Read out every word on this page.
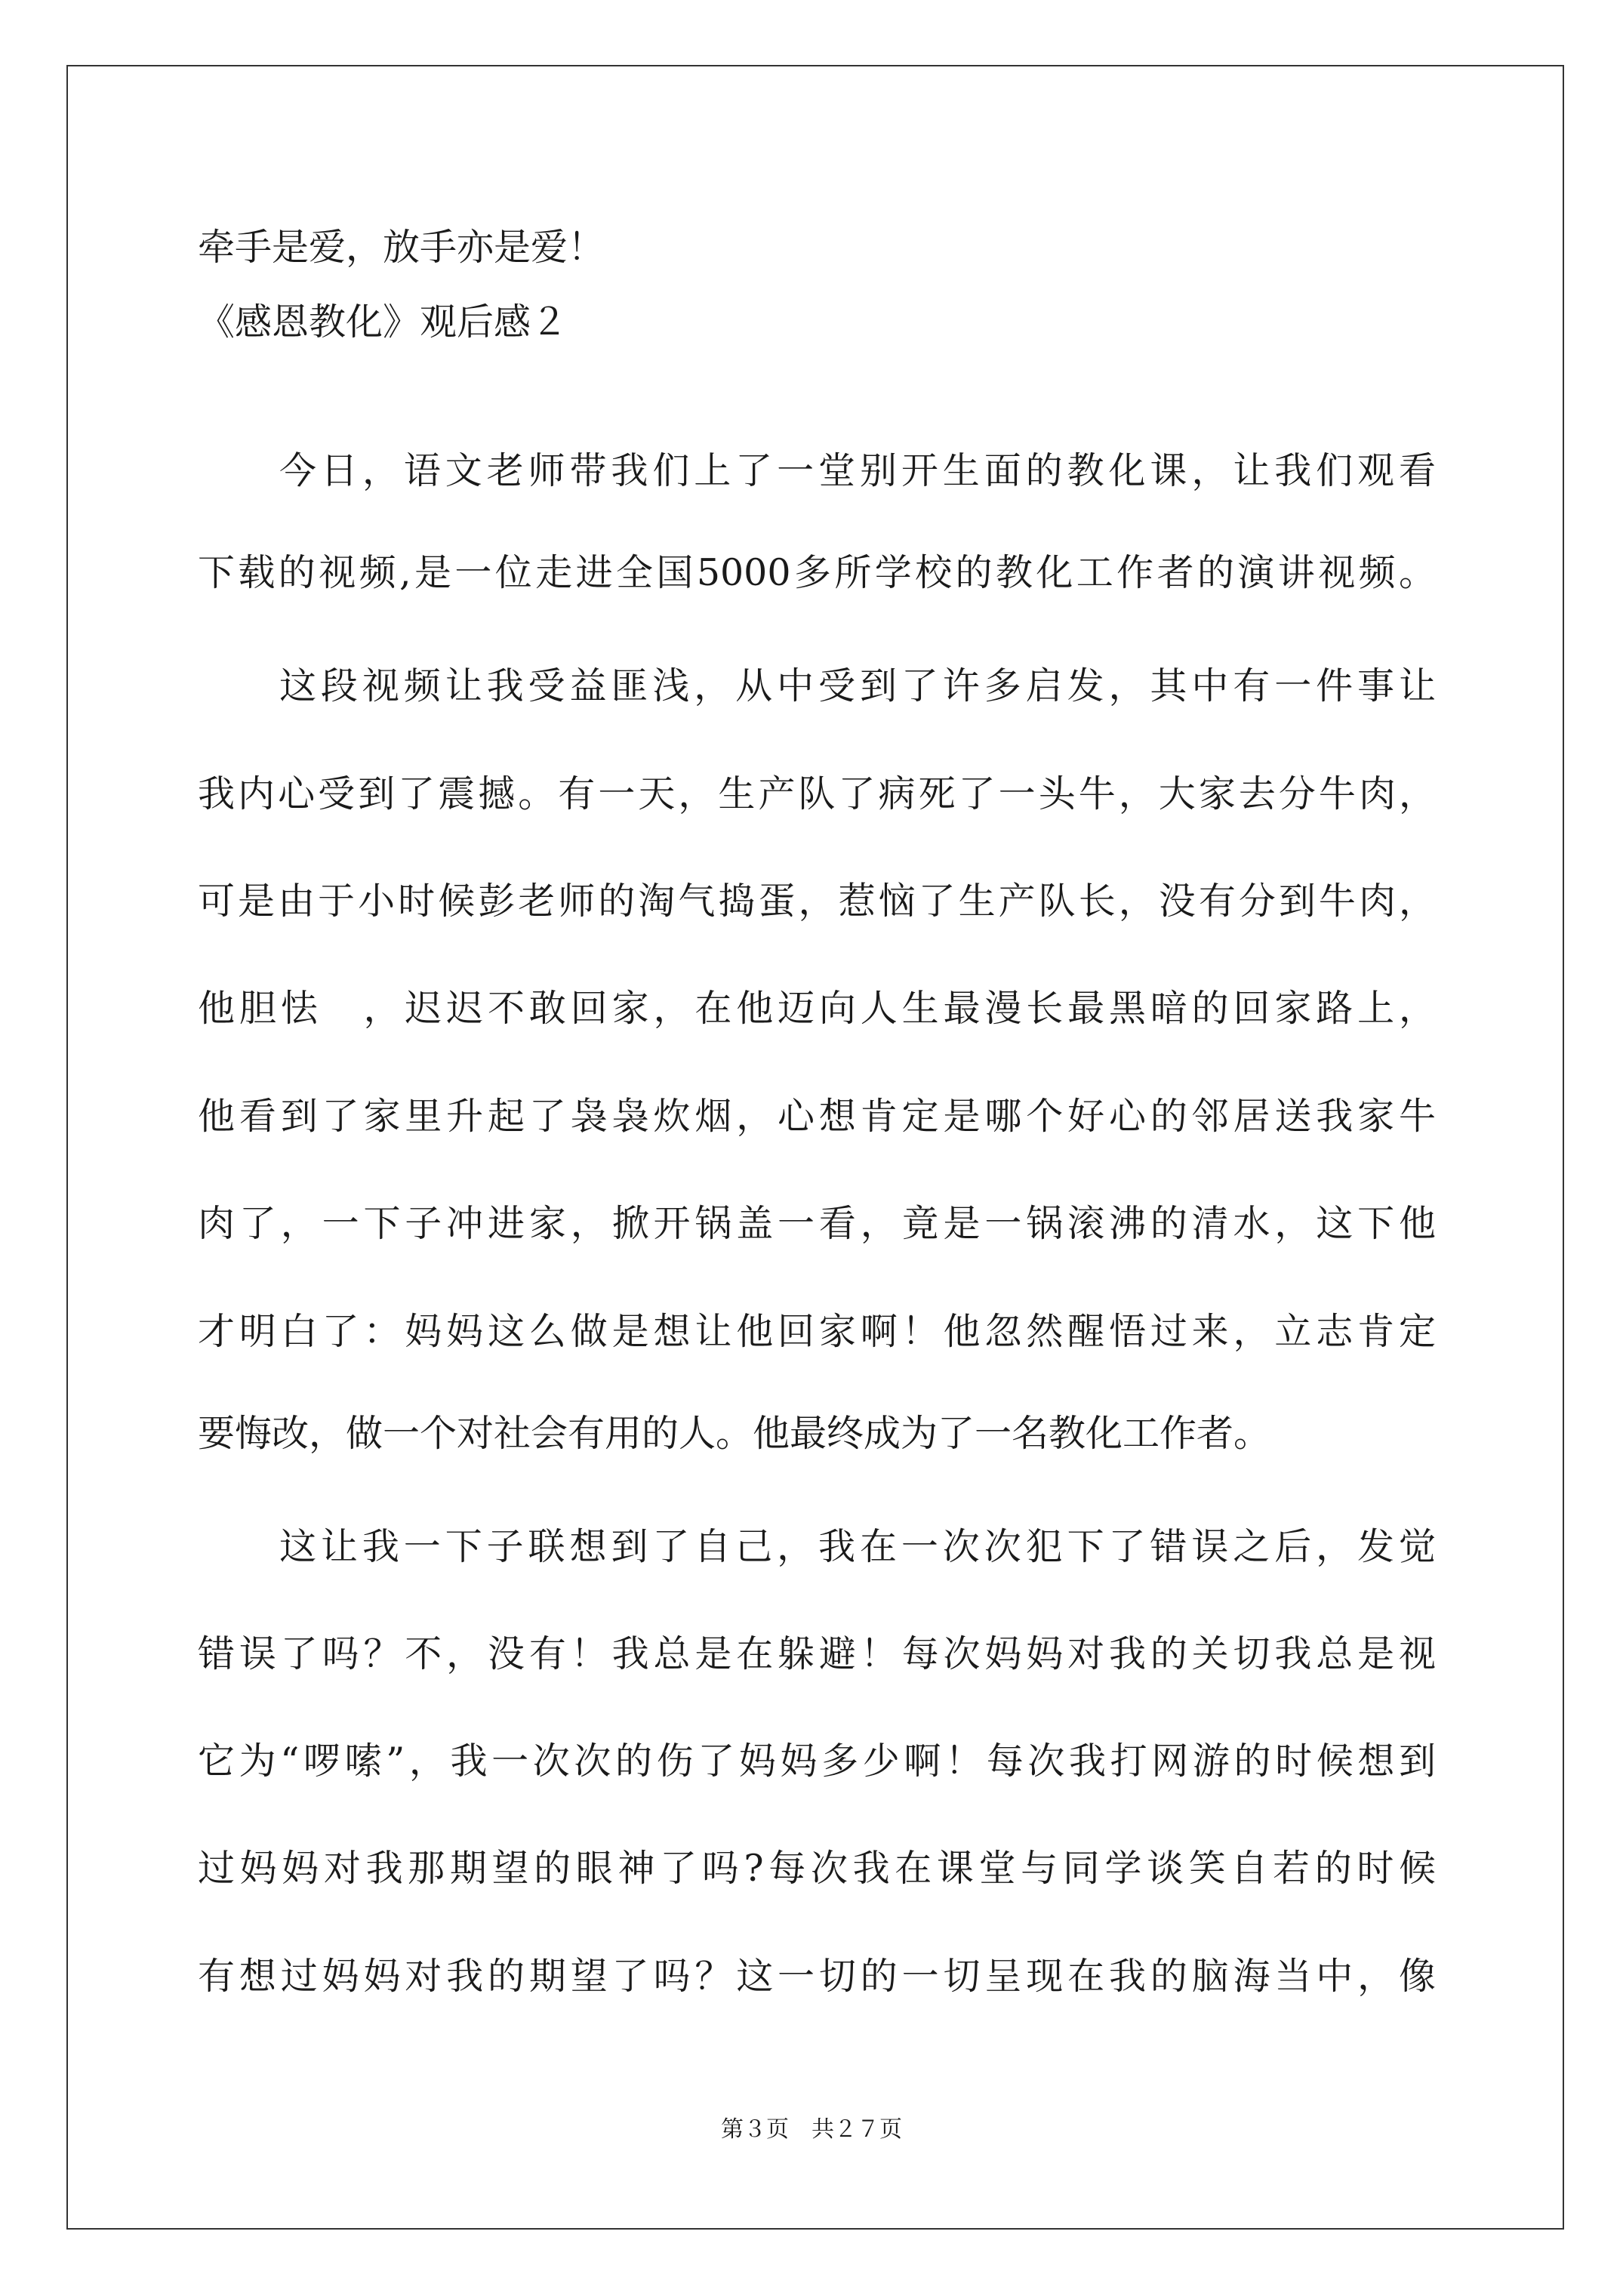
牵手是爱，放手亦是爱！
《感恩教化》观后感２
今日，语文老师带我们上了一堂别开生面的教化课，让我们观看
下载的视频,是一位走进全国5000多所学校的教化工作者的演讲视频。
这段视频让我受益匪浅，从中受到了许多启发，其中有一件事让
我内心受到了震撼。有一天，生产队了病死了一头牛，大家去分牛肉，
可是由于小时候彭老师的淘气捣蛋，惹恼了生产队长，没有分到牛肉，
他胆怯　，迟迟不敢回家，在他迈向人生最漫长最黑暗的回家路上，
他看到了家里升起了袅袅炊烟，心想肯定是哪个好心的邻居送我家牛
肉了，一下子冲进家，掀开锅盖一看，竟是一锅滚沸的清水，这下他
才明白了：妈妈这么做是想让他回家啊！他忽然醒悟过来，立志肯定
要悔改，做一个对社会有用的人。他最终成为了一名教化工作者。
这让我一下子联想到了自己，我在一次次犯下了错误之后，发觉
错误了吗？不，没有！我总是在躲避！每次妈妈对我的关切我总是视
它为“啰嗦”，我一次次的伤了妈妈多少啊！每次我打网游的时候想到
过妈妈对我那期望的眼神了吗?每次我在课堂与同学谈笑自若的时候
有想过妈妈对我的期望了吗？这一切的一切呈现在我的脑海当中，像
第３页　共２７页
